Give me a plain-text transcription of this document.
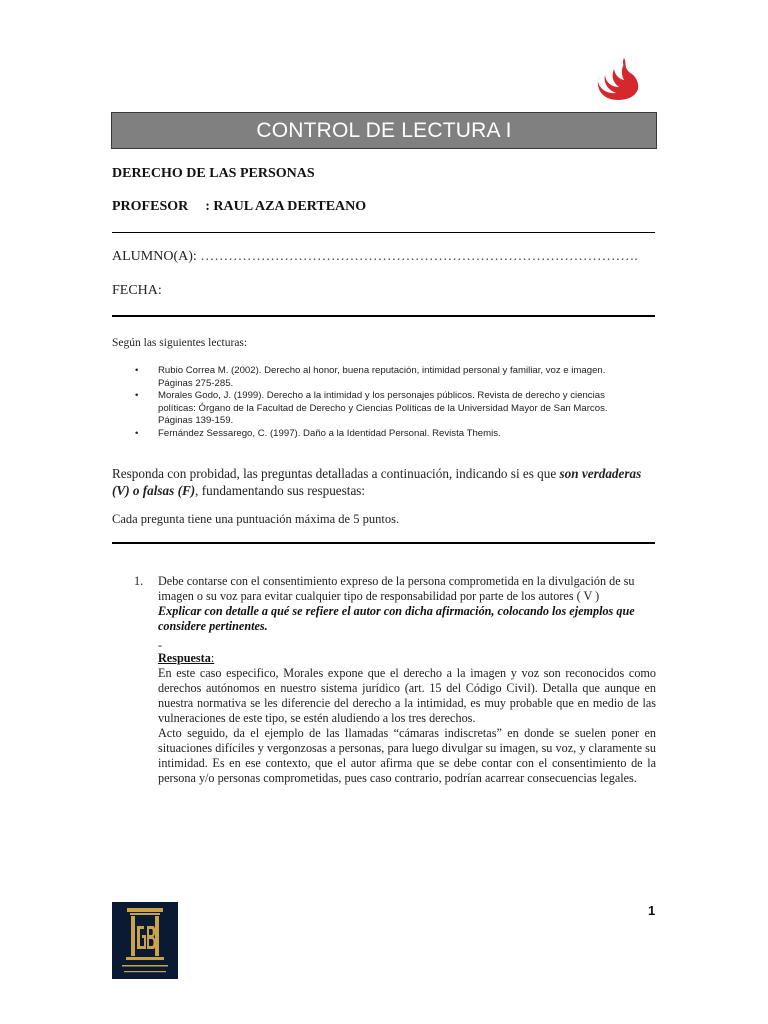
CONTROL DE LECTURA I
DERECHO DE LAS PERSONAS
PROFESOR : RAUL AZA DERTEANO
ALUMNO(A): ………………………………………………………………………………….
FECHA:
Según las siguientes lecturas:
• Rubio Correa M. (2002). Derecho al honor, buena reputación, intimidad personal y familiar, voz e imagen. Páginas 275-285.
• Morales Godo, J. (1999). Derecho a la intimidad y los personajes públicos. Revista de derecho y ciencias políticas: Órgano de la Facultad de Derecho y Ciencias Políticas de la Universidad Mayor de San Marcos. Páginas 139-159.
• Fernández Sessarego, C. (1997). Daño a la Identidad Personal. Revista Themis.
Responda con probidad, las preguntas detalladas a continuación, indicando si es que son verdaderas (V) o falsas (F), fundamentando sus respuestas:
Cada pregunta tiene una puntuación máxima de 5 puntos.
1. Debe contarse con el consentimiento expreso de la persona comprometida en la divulgación de su imagen o su voz para evitar cualquier tipo de responsabilidad por parte de los autores ( V )
Explicar con detalle a qué se refiere el autor con dicha afirmación, colocando los ejemplos que considere pertinentes.
-
Respuesta :

En este caso especifico, Morales expone que el derecho a la imagen y voz son reconocidos como derechos autónomos en nuestro sistema jurídico (art. 15 del Código Civil). Detalla que aunque en nuestra normativa se les diferencie del derecho a la intimidad, es muy probable que en medio de las vulneraciones de este tipo, se estén aludiendo a los tres derechos.

Acto seguido, da el ejemplo de las llamadas “cámaras indiscretas” en donde se suelen poner en situaciones difíciles y vergonzosas a personas, para luego divulgar su imagen, su voz, y claramente su intimidad. Es en ese contexto, que el autor afirma que se debe contar con el consentimiento de la persona y/o personas comprometidas, pues caso contrario, podrían acarrear consecuencias legales.

1
